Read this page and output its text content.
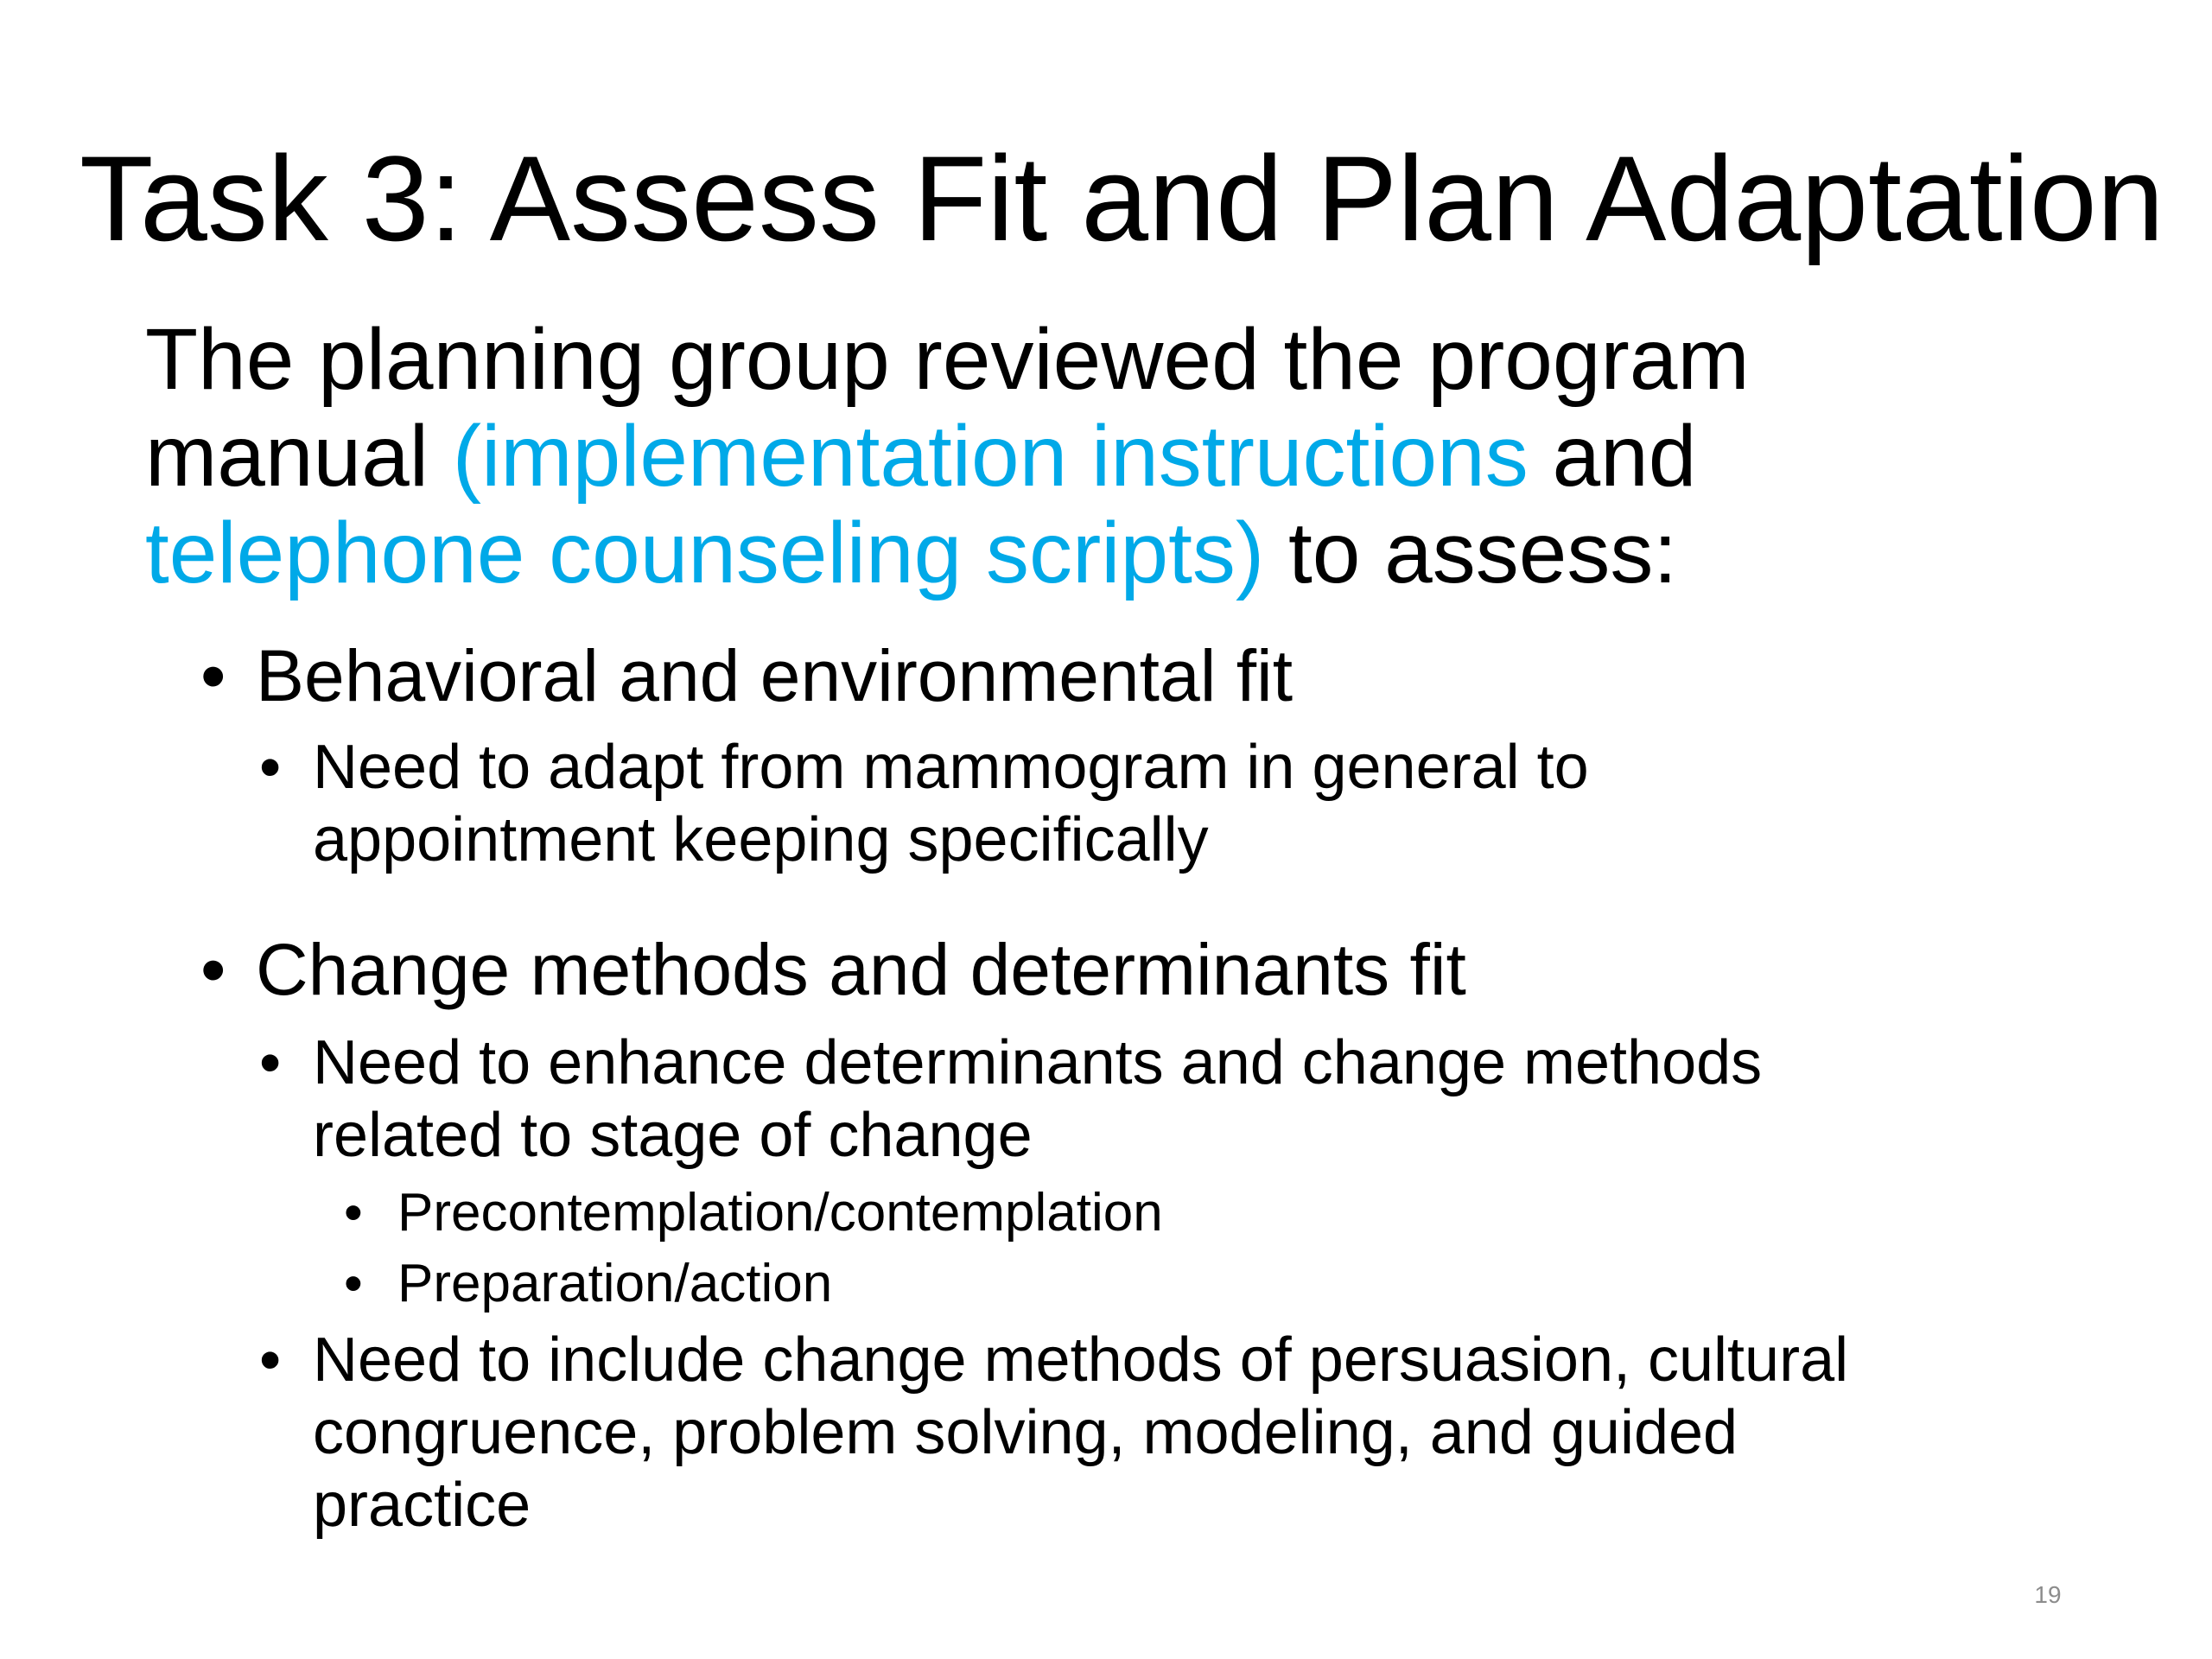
Task 3: Assess Fit and Plan Adaptation
The planning group reviewed the program
manual (implementation instructions and
telephone counseling scripts) to assess:
• Behavioral and environmental fit
• Need to adapt from mammogram in general to
appointment keeping specifically
• Change methods and determinants fit
• Need to enhance determinants and change methods
related to stage of change
• Precontemplation/contemplation
• Preparation/action
• Need to include change methods of persuasion, cultural
congruence, problem solving, modeling, and guided
practice
19
